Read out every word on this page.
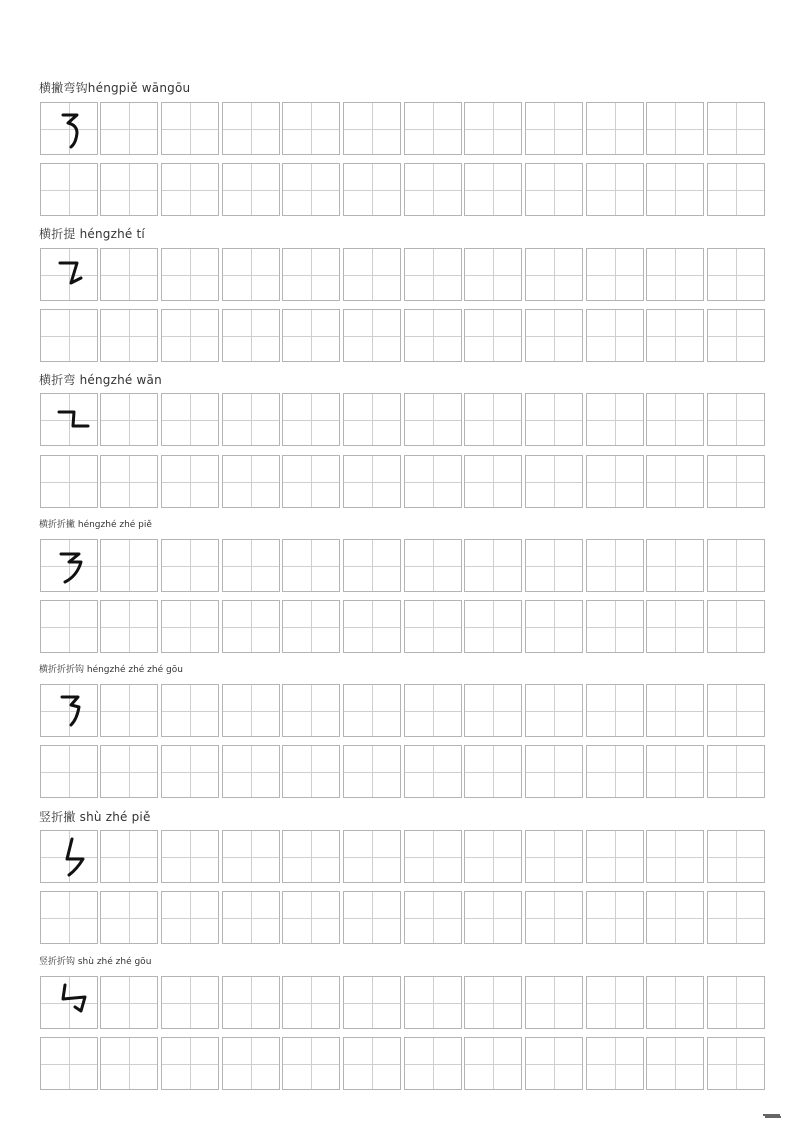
横撇弯钩héngpiě wāngōu
横折提 héngzhé tí
横折弯 héngzhé wān
横折折撇 héngzhé zhé piě
横折折折钩 héngzhé zhé zhé gōu
竖折撇 shù zhé piě
竖折折钩 shù zhé zhé gōu
